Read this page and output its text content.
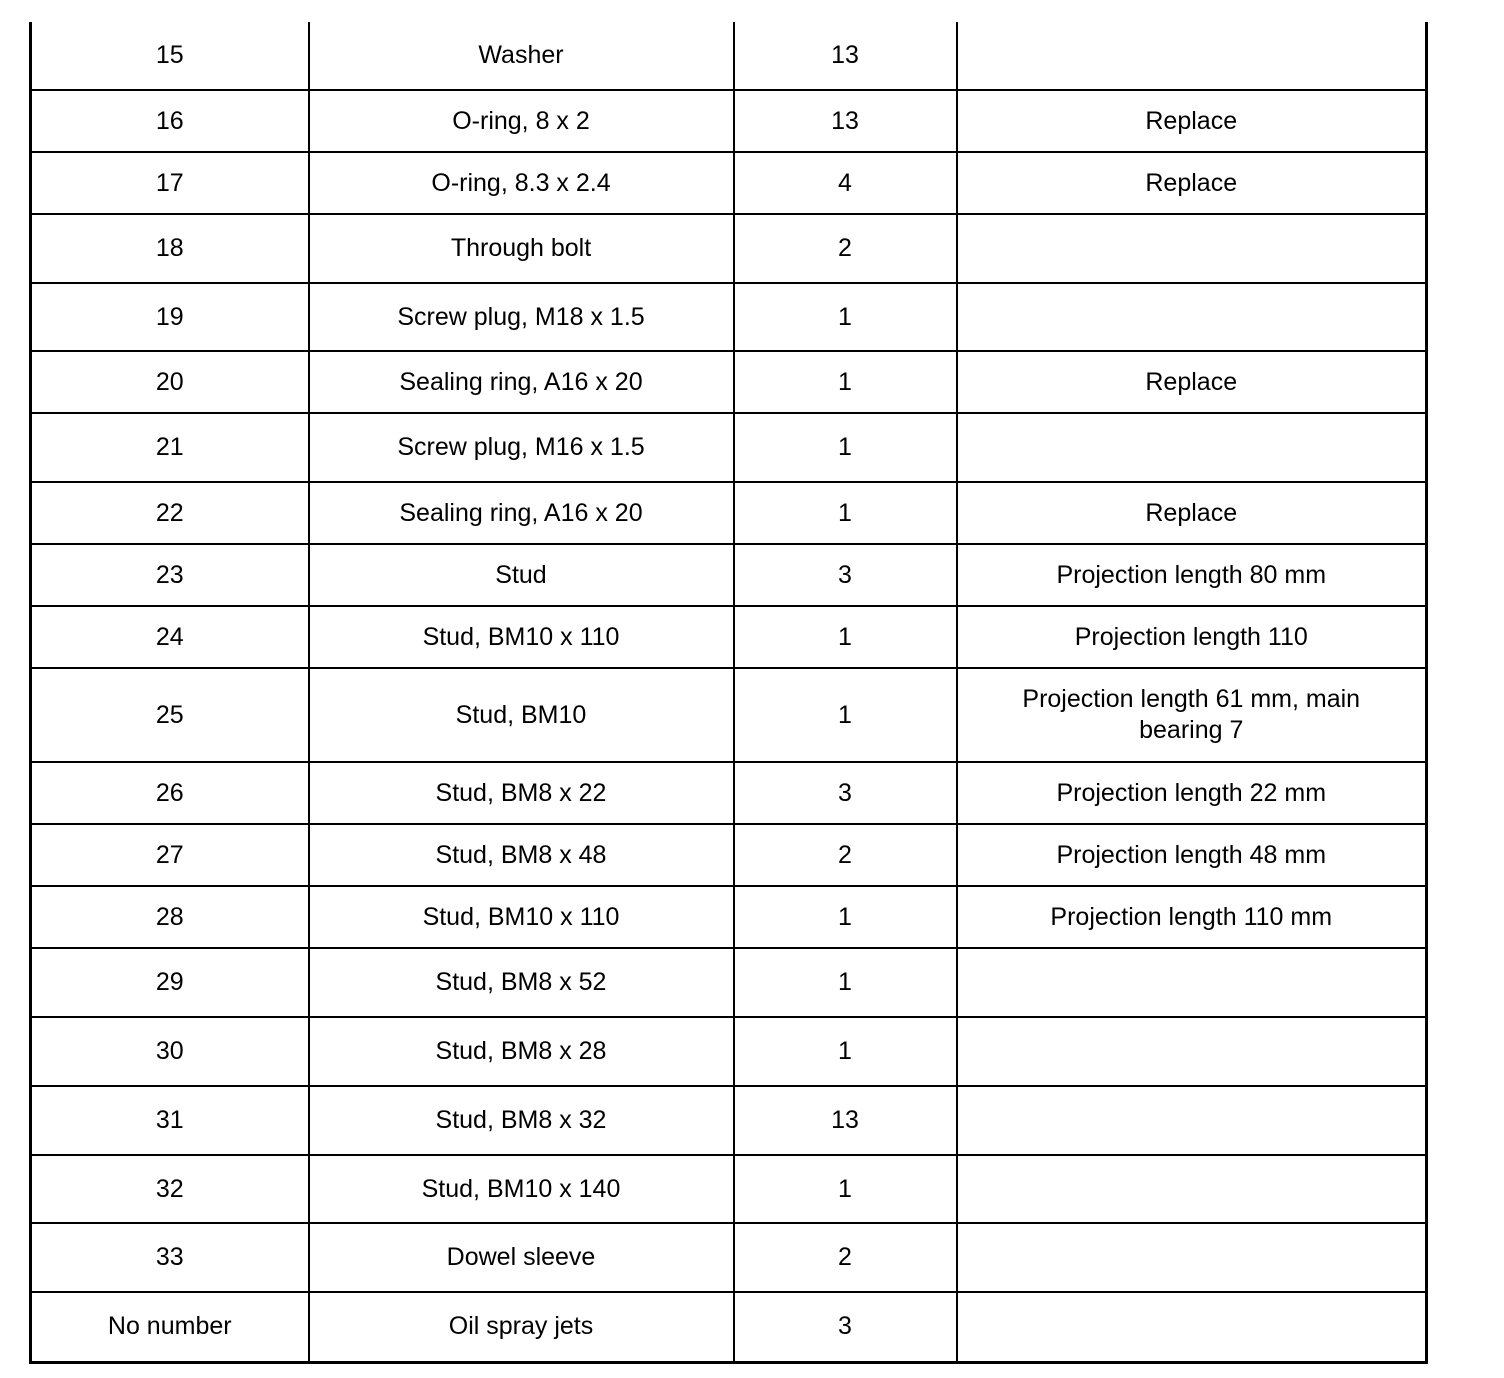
15	Washer	13	
16	O-ring, 8 x 2	13	Replace
17	O-ring, 8.3 x 2.4	4	Replace
18	Through bolt	2	
19	Screw plug, M18 x 1.5	1	
20	Sealing ring, A16 x 20	1	Replace
21	Screw plug, M16 x 1.5	1	
22	Sealing ring, A16 x 20	1	Replace
23	Stud	3	Projection length 80 mm
24	Stud, BM10 x 110	1	Projection length 110
25	Stud, BM10	1	Projection length 61 mm, main bearing 7
26	Stud, BM8 x 22	3	Projection length 22 mm
27	Stud, BM8 x 48	2	Projection length 48 mm
28	Stud, BM10 x 110	1	Projection length 110 mm
29	Stud, BM8 x 52	1	
30	Stud, BM8 x 28	1	
31	Stud, BM8 x 32	13	
32	Stud, BM10 x 140	1	
33	Dowel sleeve	2	
No number	Oil spray jets	3	
